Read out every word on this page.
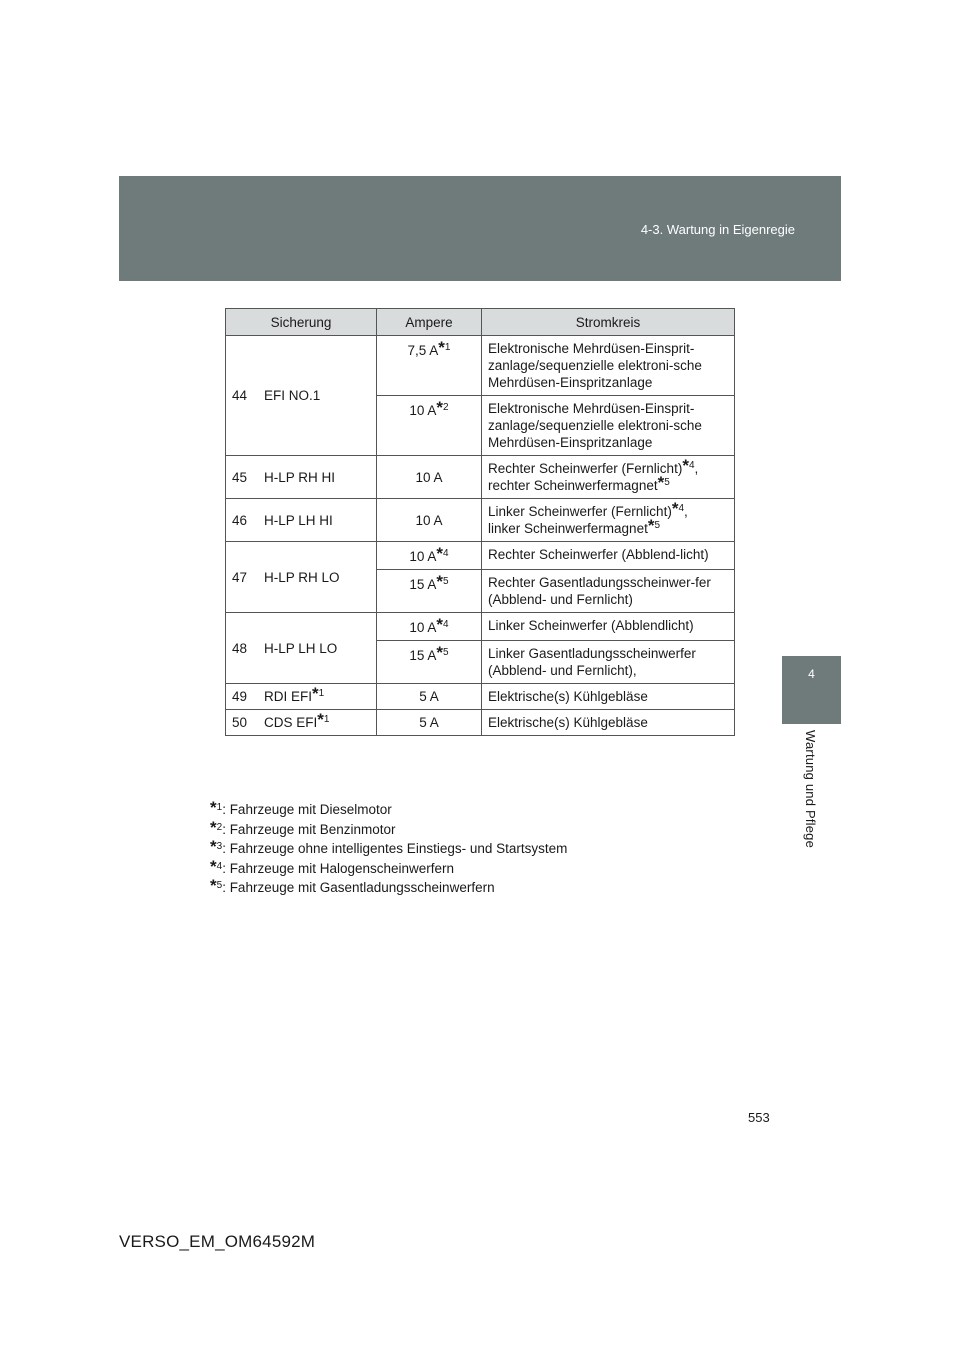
4-3. Wartung in Eigenregie
4
Wartung und Pflege
Sicherung		Ampere	Stromkreis
44	EFI NO.1	7,5 $A^{*1}$	Elektronische Mehrdüsen-Einsprit-zanlage/sequenzielle elektroni-sche Mehrdüsen-Einspritzanlage
		10 $A^{*2}$	Elektronische Mehrdüsen-Einsprit-zanlage/sequenzielle elektroni-sche Mehrdüsen-Einspritzanlage
45	H-LP RH HI	10 A	Rechter Scheinwerfer (Fernlicht)$^{*4}$,
rechter Scheinwerfermagnet$^{*5}$
46	H-LP LH HI	10 A	Linker Scheinwerfer (Fernlicht)$^{*4}$,
linker Scheinwerfermagnet$^{*5}$
47	H-LP RH LO	10 $A^{*4}$	Rechter Scheinwerfer (Abblend-licht)
		15 $A^{*5}$	Rechter Gasentladungsscheinwer-fer (Abblend- und Fernlicht)
48	H-LP LH LO	10 $A^{*4}$	Linker Scheinwerfer (Abblendlicht)
		15 $A^{*5}$	Linker Gasentladungsscheinwerfer (Abblend- und Fernlicht),
49	RDI EFI$^{*1}$	5 A	Elektrische(s) Kühlgebläse
50	CDS EFI$^{*1}$	5 A	Elektrische(s) Kühlgebläse
$^{*1}$: Fahrzeuge mit Dieselmotor
$^{*2}$: Fahrzeuge mit Benzinmotor
$^{*3}$: Fahrzeuge ohne intelligentes Einstiegs- und Startsystem
$^{*4}$: Fahrzeuge mit Halogenscheinwerfern
$^{*5}$: Fahrzeuge mit Gasentladungsscheinwerfern
553
VERSO_EM_OM64592M
